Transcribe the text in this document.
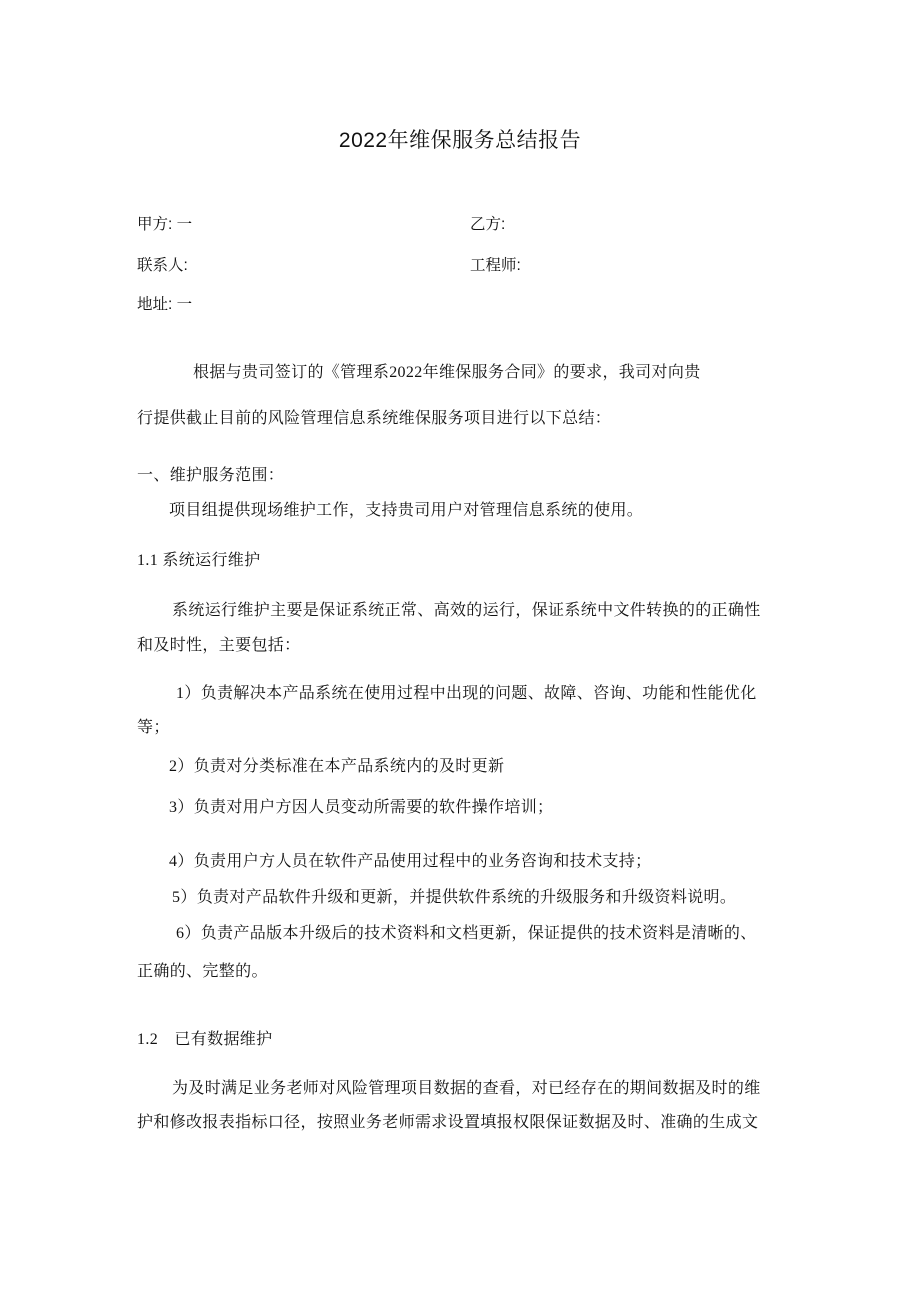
2022年维保服务总结报告
甲方: 一	乙方:
联系人:	工程师:
地址: 一
根据与贵司签订的《管理系2022年维保服务合同》的要求，我司对向贵
行提供截止目前的风险管理信息系统维保服务项目进行以下总结：
一、维护服务范围：
项目组提供现场维护工作，支持贵司用户对管理信息系统的使用。
1.1 系统运行维护
系统运行维护主要是保证系统正常、高效的运行，保证系统中文件转换的的正确性
和及时性，主要包括：
1）负责解决本产品系统在使用过程中出现的问题、故障、咨询、功能和性能优化
等；
2）负责对分类标准在本产品系统内的及时更新
3）负责对用户方因人员变动所需要的软件操作培训；
4）负责用户方人员在软件产品使用过程中的业务咨询和技术支持；
5）负责对产品软件升级和更新，并提供软件系统的升级服务和升级资料说明。
6）负责产品版本升级后的技术资料和文档更新，保证提供的技术资料是清晰的、
正确的、完整的。
1.2　已有数据维护
为及时满足业务老师对风险管理项目数据的查看，对已经存在的期间数据及时的维
护和修改报表指标口径，按照业务老师需求设置填报权限保证数据及时、准确的生成文
